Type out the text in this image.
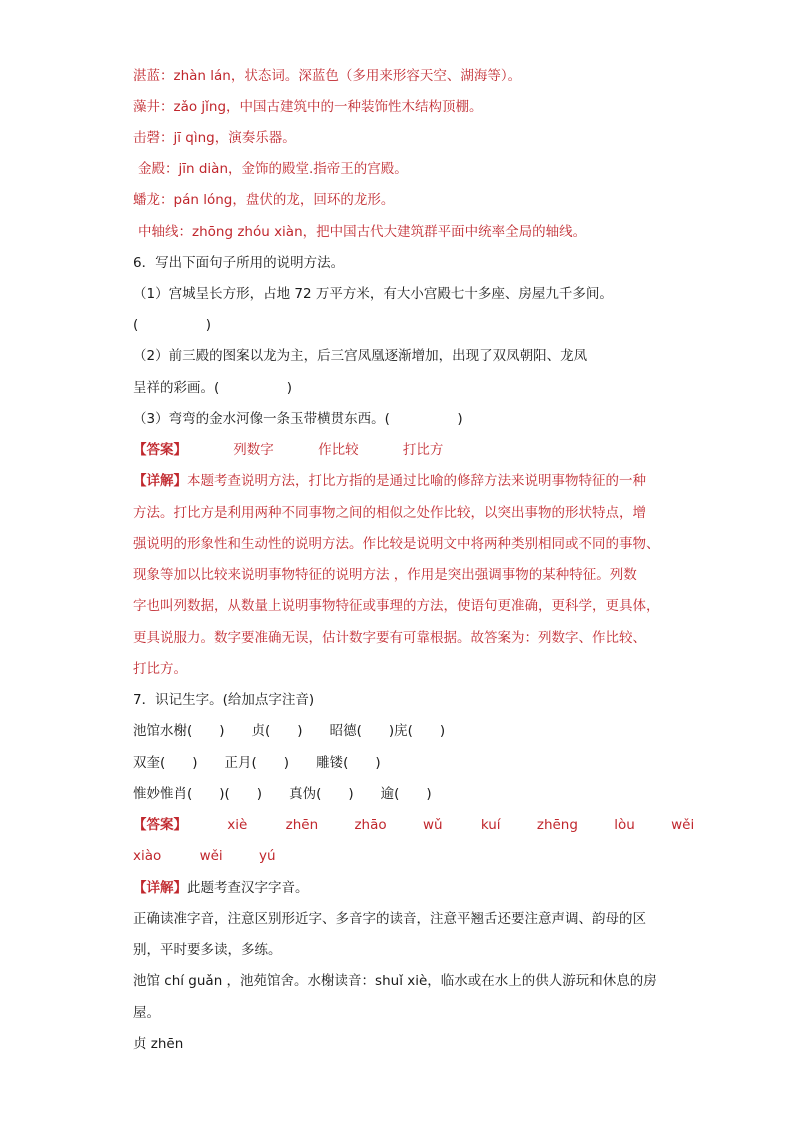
湛蓝：zhàn lán，状态词。深蓝色（多用来形容天空、湖海等）。
藻井：zǎo jǐng，中国古建筑中的一种装饰性木结构顶棚。
击磬：jī qìng，演奏乐器。
金殿：jīn diàn，金饰的殿堂.指帝王的宫殿。
蟠龙：pán lóng，盘伏的龙，回环的龙形。
中轴线：zhōng zhóu xiàn，把中国古代大建筑群平面中统率全局的轴线。
6．写出下面句子所用的说明方法。
（1）宫城呈长方形，占地 72 万平方米，有大小宫殿七十多座、房屋九千多间。
(　　　　　)
（2）前三殿的图案以龙为主，后三宫凤凰逐渐增加，出现了双凤朝阳、龙凤
呈祥的彩画。(　　　　　)
（3）弯弯的金水河像一条玉带横贯东西。(　　　　　)
【答案】	列数字	作比较	打比方
【详解】本题考查说明方法，打比方指的是通过比喻的修辞方法来说明事物特征的一种
方法。打比方是利用两种不同事物之间的相似之处作比较，以突出事物的形状特点，增
强说明的形象性和生动性的说明方法。作比较是说明文中将两种类别相同或不同的事物、
现象等加以比较来说明事物特征的说明方法 ，作用是突出强调事物的某种特征。列数
字也叫列数据，从数量上说明事物特征或事理的方法，使语句更准确，更科学，更具体，
更具说服力。数字要准确无误，估计数字要有可靠根据。故答案为：列数字、作比较、
打比方。
7．识记生字。(给加点字注音)
池馆水榭(　　)　　贞(　　)　　昭德(　　)庑(　　)
双奎(　　)　　正月(　　)　　雕镂(　　)
惟妙惟肖(　　)(　　)　　真伪(　　)　　逾(　　)
【答案】	xiè	zhēn	zhāo	wǔ	kuí	zhēng	lòu	wěi
xiào	wěi	yú
【详解】此题考查汉字字音。
正确读准字音，注意区别形近字、多音字的读音，注意平翘舌还要注意声调、韵母的区
别，平时要多读，多练。
池馆 chí guǎn ，池苑馆舍。水榭读音：shuǐ xiè，临水或在水上的供人游玩和休息的房
屋。
贞 zhēn
